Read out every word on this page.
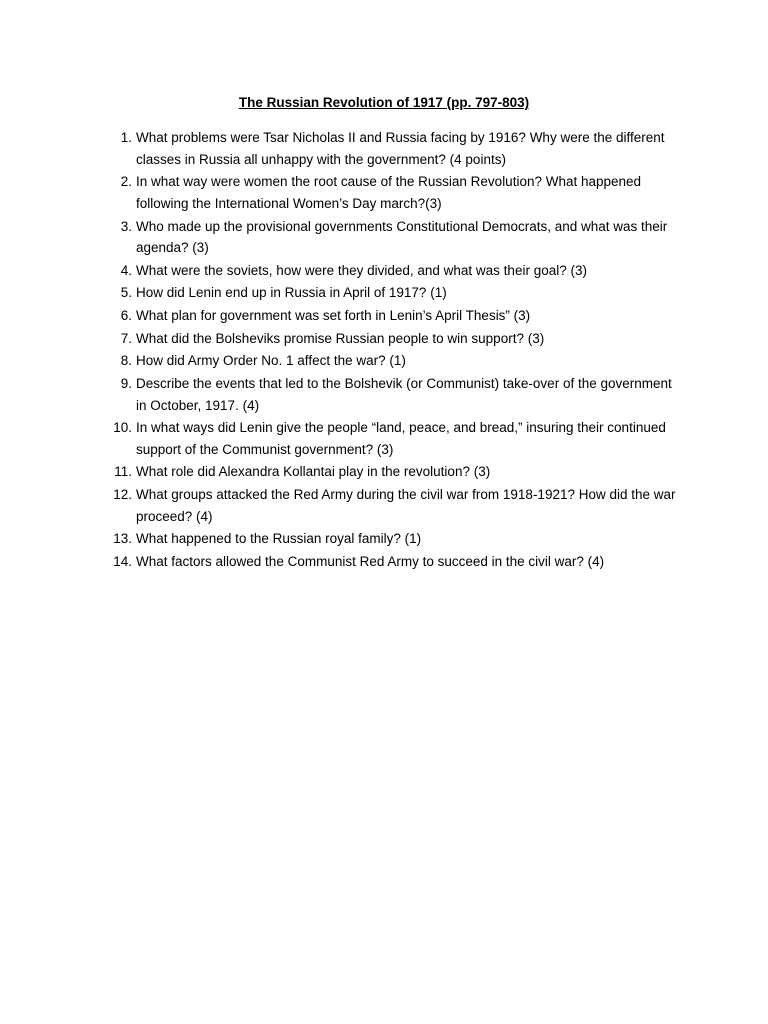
The Russian Revolution of 1917 (pp. 797-803)
1. What problems were Tsar Nicholas II and Russia facing by 1916? Why were the different classes in Russia all unhappy with the government? (4 points)
2. In what way were women the root cause of the Russian Revolution? What happened following the International Women’s Day march?(3)
3. Who made up the provisional governments Constitutional Democrats, and what was their agenda? (3)
4. What were the soviets, how were they divided, and what was their goal? (3)
5. How did Lenin end up in Russia in April of 1917? (1)
6. What plan for government was set forth in Lenin’s April Thesis” (3)
7. What did the Bolsheviks promise Russian people to win support? (3)
8. How did Army Order No. 1 affect the war? (1)
9. Describe the events that led to the Bolshevik (or Communist) take-over of the government in October, 1917. (4)
10. In what ways did Lenin give the people “land, peace, and bread,” insuring their continued support of the Communist government? (3)
11. What role did Alexandra Kollantai play in the revolution? (3)
12. What groups attacked the Red Army during the civil war from 1918-1921? How did the war proceed? (4)
13. What happened to the Russian royal family? (1)
14. What factors allowed the Communist Red Army to succeed in the civil war? (4)
